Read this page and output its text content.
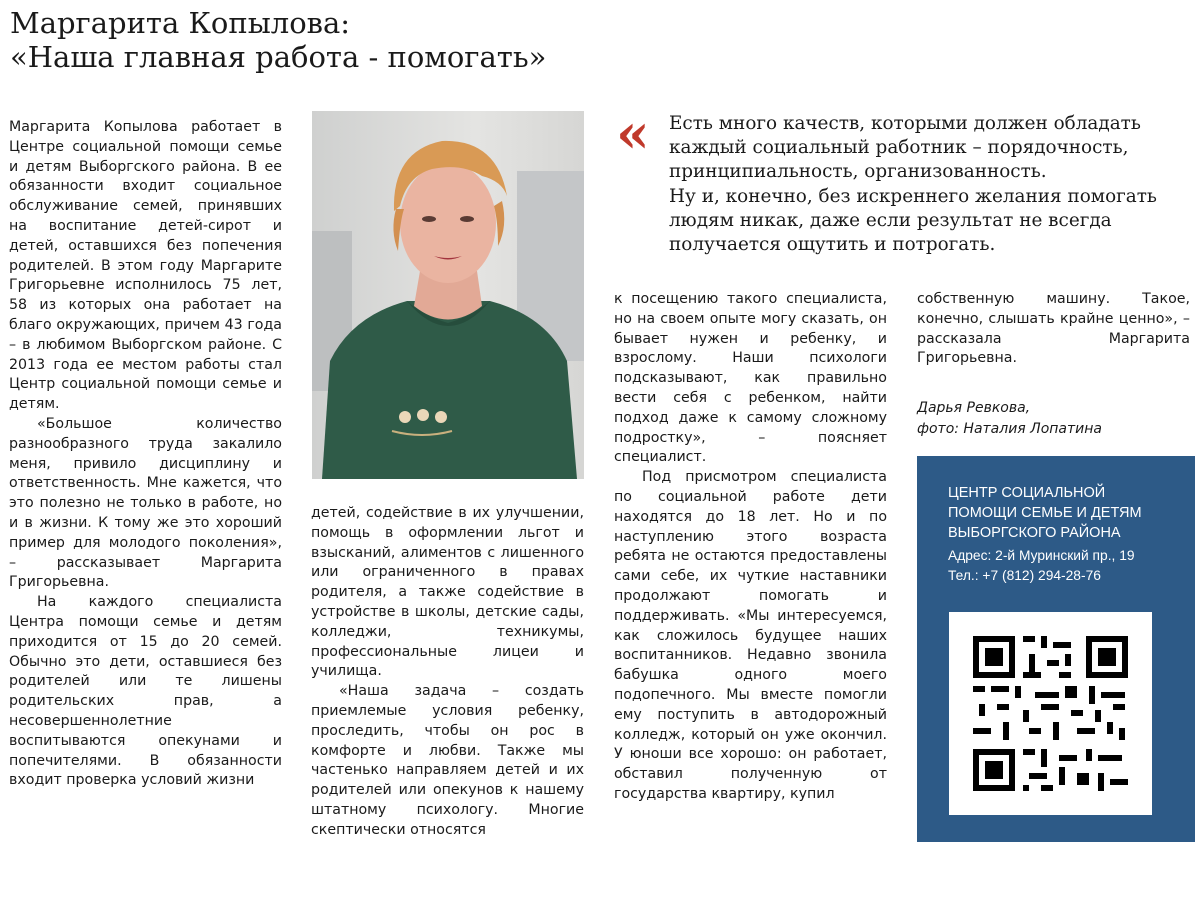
Маргарита Копылова:
«Наша главная работа - помогать»

Маргарита Копылова работает в Центре социальной помощи семье и детям Выборгского района. В ее обязанности входит социальное обслуживание семей, принявших на воспитание детей-сирот и детей, оставшихся без попечения родителей. В этом году Маргарите Григорьевне исполнилось 75 лет, 58 из которых она работает на благо окружающих, причем 43 года – в любимом Выборгском районе. С 2013 года ее местом работы стал Центр социальной помощи семье и детям.

«Большое количество разнообразного труда закалило меня, привило дисциплину и ответственность. Мне кажется, что это полезно не только в работе, но и в жизни. К тому же это хороший пример для молодого поколения», – рассказывает Маргарита Григорьевна.

На каждого специалиста Центра помощи семье и детям приходится от 15 до 20 семей. Обычно это дети, оставшиеся без родителей или те лишены родительских прав, а несовершеннолетние воспитываются опекунами и попечителями. В обязанности входит проверка условий жизни

детей, содействие в их улучшении, помощь в оформлении льгот и взысканий, алиментов с лишенного или ограниченного в правах родителя, а также содействие в устройстве в школы, детские сады, колледжи, техникумы, профессиональные лицеи и училища.

«Наша задача – создать приемлемые условия ребенку, проследить, чтобы он рос в комфорте и любви. Также мы частенько направляем детей и их родителей или опекунов к нашему штатному психологу. Многие скептически относятся

« Есть много качеств, которыми должен обладать
каждый социальный работник – порядочность,
принципиальность, организованность.
Ну и, конечно, без искреннего желания помогать
людям никак, даже если результат не всегда
получается ощутить и потрогать.

к посещению такого специалиста, но на своем опыте могу сказать, он бывает нужен и ребенку, и взрослому. Наши психологи подсказывают, как правильно вести себя с ребенком, найти подход даже к самому сложному подростку», – поясняет специалист.

Под присмотром специалиста по социальной работе дети находятся до 18 лет. Но и по наступлению этого возраста ребята не остаются предоставлены сами себе, их чуткие наставники продолжают помогать и поддерживать. «Мы интересуемся, как сложилось будущее наших воспитанников. Недавно звонила бабушка одного моего подопечного. Мы вместе помогли ему поступить в автодорожный колледж, который он уже окончил. У юноши все хорошо: он работает, обставил полученную от государства квартиру, купил

собственную машину. Такое, конечно, слышать крайне ценно», – рассказала Маргарита Григорьевна.

Дарья Ревкова,
фото: Наталия Лопатина
ЦЕНТР СОЦИАЛЬНОЙ
ПОМОЩИ СЕМЬЕ И ДЕТЯМ
ВЫБОРГСКОГО РАЙОНА
Адрес: 2-й Муринский пр., 19
Тел.: +7 (812) 294-28-76
